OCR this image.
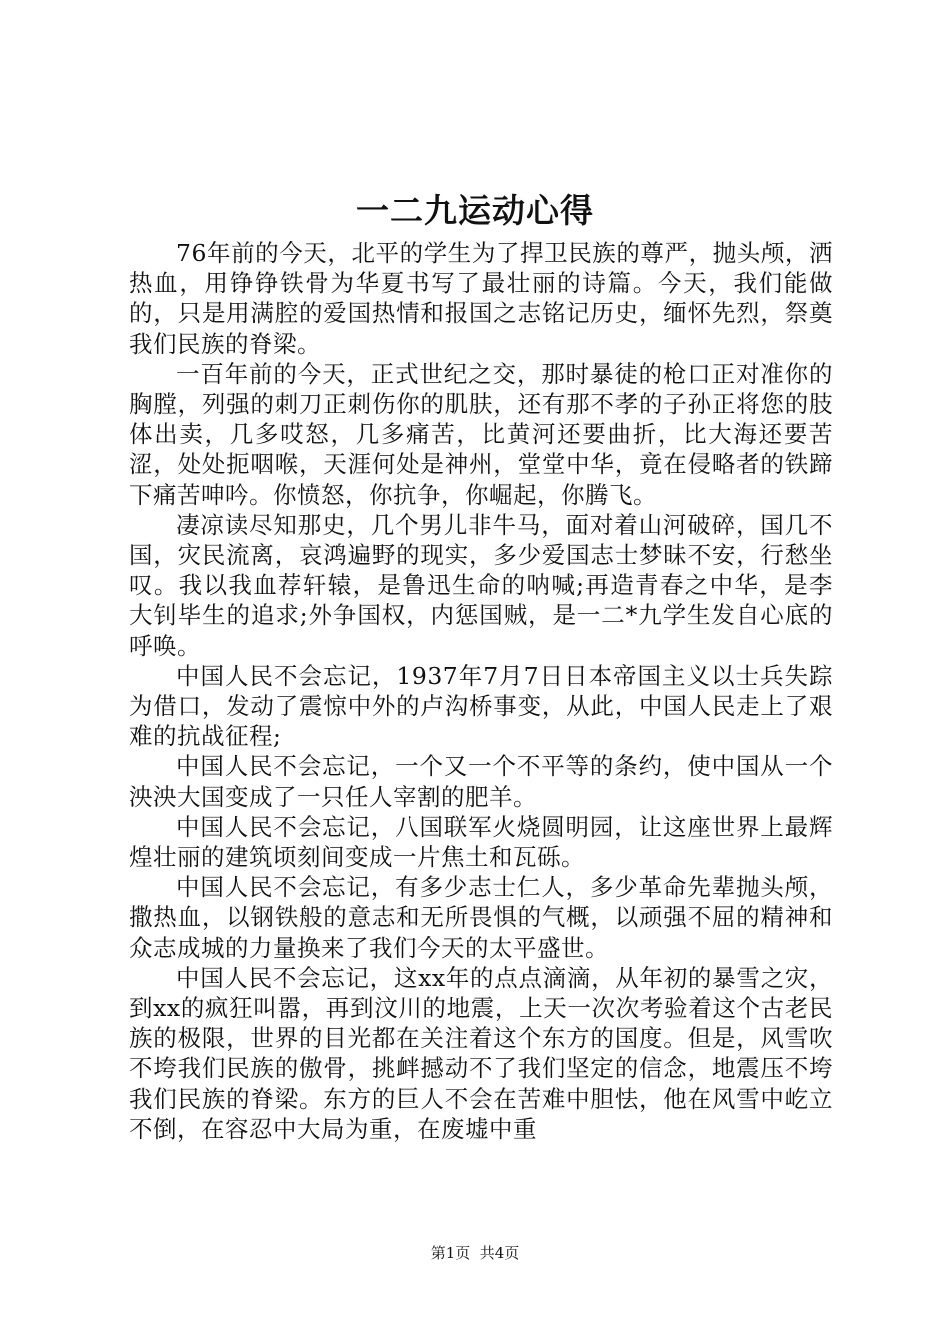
一二九运动心得

76年前的今天，北平的学生为了捍卫民族的尊严，抛头颅，洒热血，用铮铮铁骨为华夏书写了最壮丽的诗篇。今天，我们能做的，只是用满腔的爱国热情和报国之志铭记历史，缅怀先烈，祭奠我们民族的脊梁。

一百年前的今天，正式世纪之交，那时暴徒的枪口正对准你的胸膛，列强的刺刀正刺伤你的肌肤，还有那不孝的子孙正将您的肢体出卖，几多哎怒，几多痛苦，比黄河还要曲折，比大海还要苦涩，处处扼咽喉，天涯何处是神州，堂堂中华，竟在侵略者的铁蹄下痛苦呻吟。你愤怒，你抗争，你崛起，你腾飞。

凄凉读尽知那史，几个男儿非牛马，面对着山河破碎，国几不国，灾民流离，哀鸿遍野的现实，多少爱国志士梦昧不安，行愁坐叹。我以我血荐轩辕，是鲁迅生命的呐喊;再造青春之中华，是李大钊毕生的追求;外争国权，内惩国贼，是一二*九学生发自心底的呼唤。

中国人民不会忘记，1937年7月7日日本帝国主义以士兵失踪为借口，发动了震惊中外的卢沟桥事变，从此，中国人民走上了艰难的抗战征程;

中国人民不会忘记，一个又一个不平等的条约，使中国从一个泱泱大国变成了一只任人宰割的肥羊。

中国人民不会忘记，八国联军火烧圆明园，让这座世界上最辉煌壮丽的建筑顷刻间变成一片焦土和瓦砾。

中国人民不会忘记，有多少志士仁人，多少革命先辈抛头颅，撒热血，以钢铁般的意志和无所畏惧的气概，以顽强不屈的精神和众志成城的力量换来了我们今天的太平盛世。

中国人民不会忘记，这xx年的点点滴滴，从年初的暴雪之灾，到xx的疯狂叫嚣，再到汶川的地震，上天一次次考验着这个古老民族的极限，世界的目光都在关注着这个东方的国度。但是，风雪吹不垮我们民族的傲骨，挑衅撼动不了我们坚定的信念，地震压不垮我们民族的脊梁。东方的巨人不会在苦难中胆怯，他在风雪中屹立不倒，在容忍中大局为重，在废墟中重

第1页  共4页
